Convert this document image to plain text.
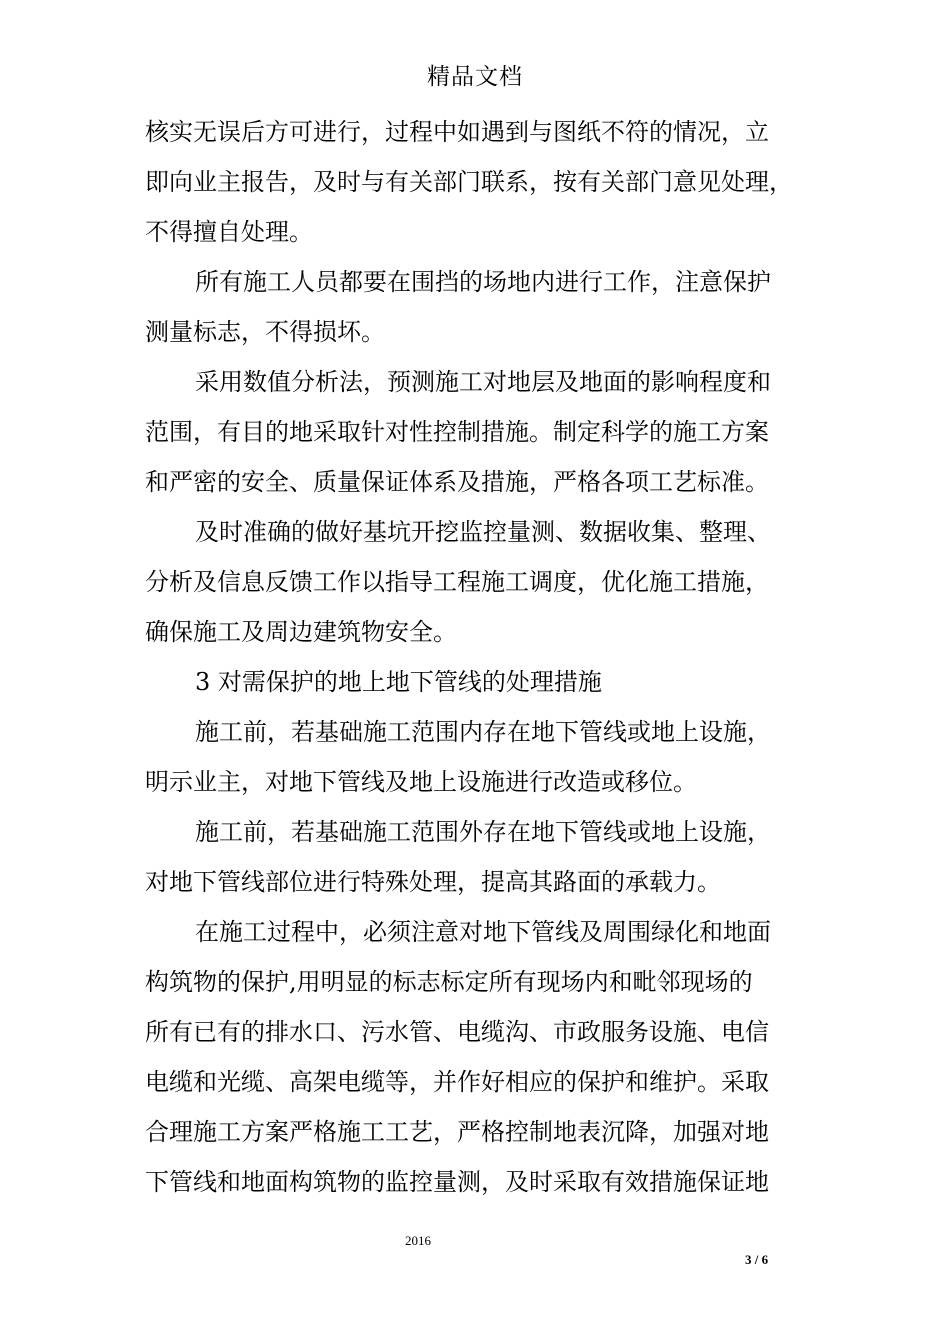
精品文档
核实无误后方可进行，过程中如遇到与图纸不符的情况，立
即向业主报告，及时与有关部门联系，按有关部门意见处理，
不得擅自处理。
所有施工人员都要在围挡的场地内进行工作，注意保护
测量标志，不得损坏。
采用数值分析法，预测施工对地层及地面的影响程度和
范围，有目的地采取针对性控制措施。制定科学的施工方案
和严密的安全、质量保证体系及措施，严格各项工艺标准。
及时准确的做好基坑开挖监控量测、数据收集、整理、
分析及信息反馈工作以指导工程施工调度，优化施工措施，
确保施工及周边建筑物安全。
3 对需保护的地上地下管线的处理措施
施工前，若基础施工范围内存在地下管线或地上设施，
明示业主，对地下管线及地上设施进行改造或移位。
施工前，若基础施工范围外存在地下管线或地上设施，
对地下管线部位进行特殊处理，提高其路面的承载力。
在施工过程中，必须注意对地下管线及周围绿化和地面
构筑物的保护,用明显的标志标定所有现场内和毗邻现场的
所有已有的排水口、污水管、电缆沟、市政服务设施、电信
电缆和光缆、高架电缆等，并作好相应的保护和维护。采取
合理施工方案严格施工工艺，严格控制地表沉降，加强对地
下管线和地面构筑物的监控量测，及时采取有效措施保证地
2016
3 / 6
